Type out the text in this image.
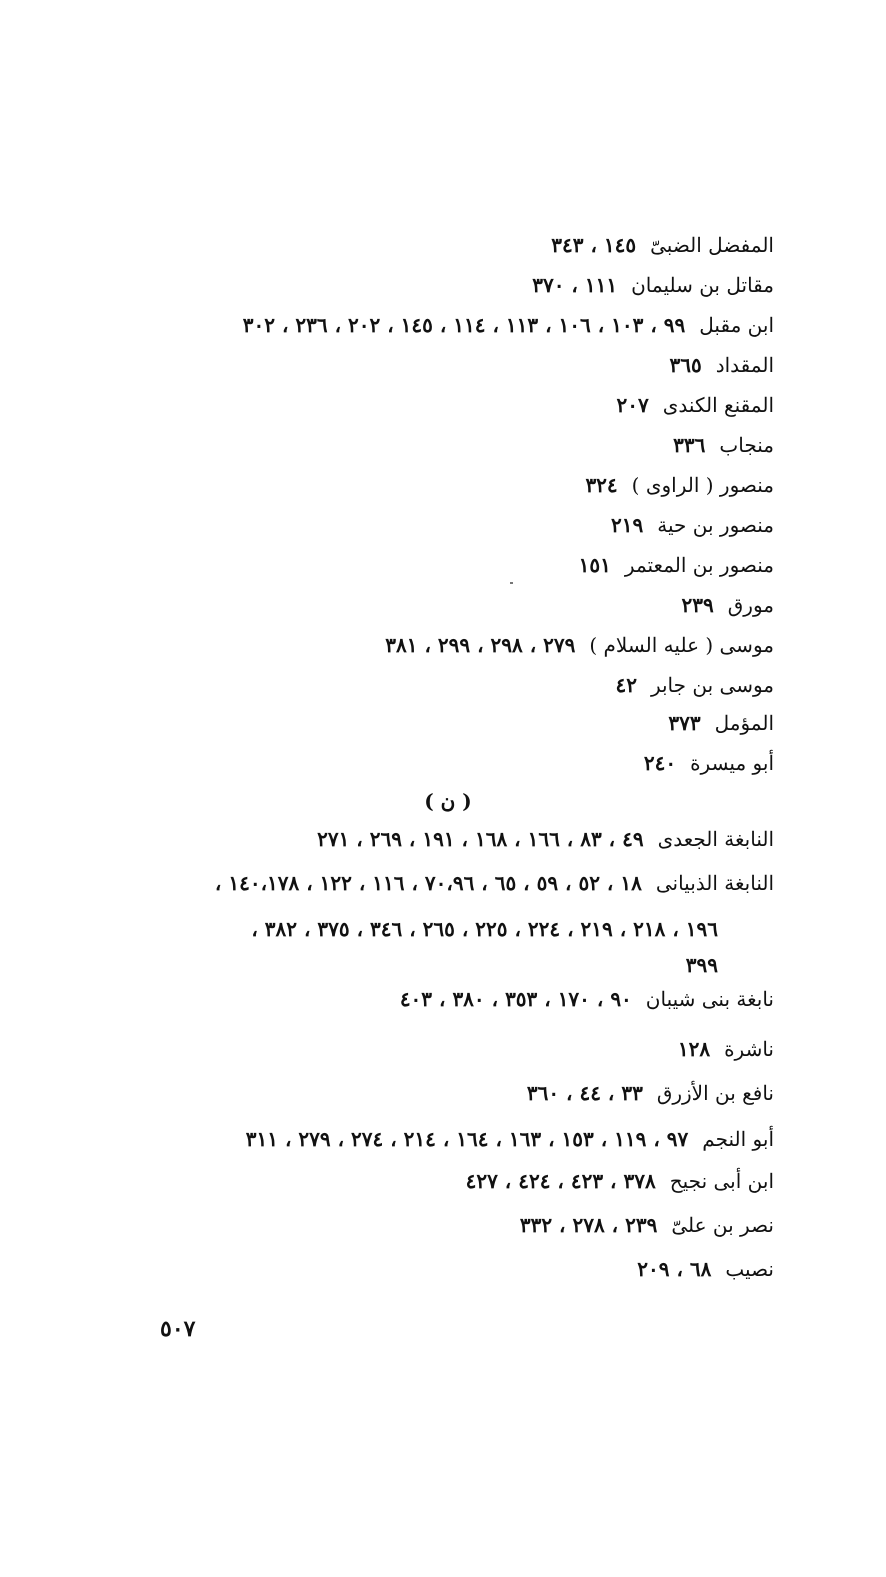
المفضل الضبىّ١٤٥ ، ٣٤٣
مقاتل بن سليمان١١١ ، ٣٧٠
ابن مقبل٩٩ ، ١٠٣ ، ١٠٦ ، ١١٣ ، ١١٤ ، ١٤٥ ، ٢٠٢ ، ٢٣٦ ، ٣٠٢
المقداد٣٦٥
المقنع الكندى٢٠٧
منجاب٣٣٦
منصور ( الراوى )٣٢٤
منصور بن حية٢١٩
منصور بن المعتمر١٥١
مورق٢٣٩
موسى ( عليه السلام )٢٧٩ ، ٢٩٨ ، ٢٩٩ ، ٣٨١
موسى بن جابر٤٢
المؤمل٣٧٣
أبو ميسرة٢٤٠
( ن )
النابغة الجعدى٤٩ ، ٨٣ ، ١٦٦ ، ١٦٨ ، ١٩١ ، ٢٦٩ ، ٢٧١
النابغة الذبيانى١٨ ، ٥٢ ، ٥٩ ، ٦٥ ، ٧٠،٩٦ ، ١١٦ ، ١٢٢ ، ١٤٠،١٧٨ ،
١٩٦ ، ٢١٨ ، ٢١٩ ، ٢٢٤ ، ٢٢٥ ، ٢٦٥ ، ٣٤٦ ، ٣٧٥ ، ٣٨٢ ،
٣٩٩
نابغة بنى شيبان٩٠ ، ١٧٠ ، ٣٥٣ ، ٣٨٠ ، ٤٠٣
ناشرة١٢٨
نافع بن الأزرق٣٣ ، ٤٤ ، ٣٦٠
أبو النجم٩٧ ، ١١٩ ، ١٥٣ ، ١٦٣ ، ١٦٤ ، ٢١٤ ، ٢٧٤ ، ٢٧٩ ، ٣١١
ابن أبى نجيح٣٧٨ ، ٤٢٣ ، ٤٢٤ ، ٤٢٧
نصر بن علىّ٢٣٩ ، ٢٧٨ ، ٣٣٢
نصيب٦٨ ، ٢٠٩
٥٠٧
